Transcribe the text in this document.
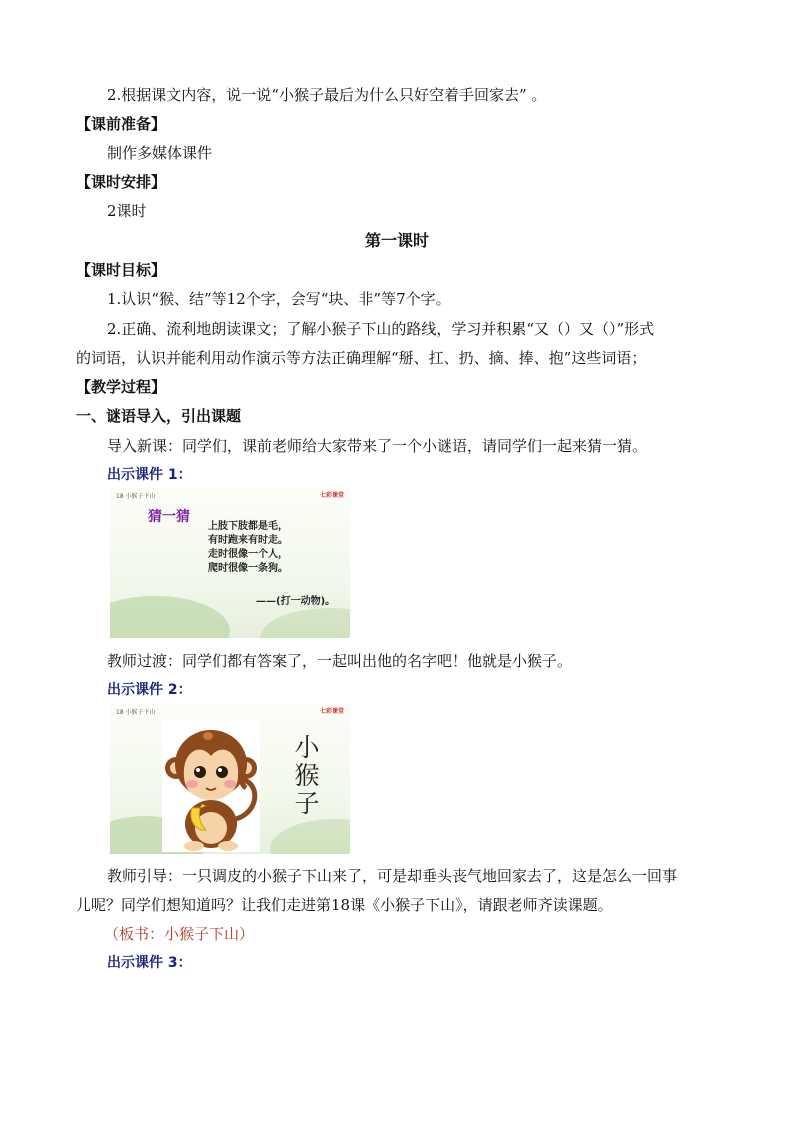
2.根据课文内容，说一说“小猴子最后为什么只好空着手回家去” 。
【课前准备】
制作多媒体课件
【课时安排】
2课时
第一课时
【课时目标】
1.认识“猴、结”等12个字，会写“块、非”等7个字。
2.正确、流利地朗读课文；了解小猴子下山的路线，学习并积累“又（）又（）”形式
的词语，认识并能利用动作演示等方法正确理解“掰、扛、扔、摘、捧、抱”这些词语；
【教学过程】
一、谜语导入，引出课题
导入新课：同学们，课前老师给大家带来了一个小谜语，请同学们一起来猜一猜。
出示课件 1：
18 小猴子下山	七彩课堂
猜一猜
上肢下肢都是毛，
有时跑来有时走。
走时很像一个人，
爬时很像一条狗。
——(打一动物)。
教师过渡：同学们都有答案了，一起叫出他的名字吧！他就是小猴子。
出示课件 2：
18 小猴子下山	七彩课堂
小
猴
子
教师引导：一只调皮的小猴子下山来了，可是却垂头丧气地回家去了，这是怎么一回事
儿呢？同学们想知道吗？让我们走进第18课《小猴子下山》，请跟老师齐读课题。
（板书：小猴子下山）
出示课件 3：
